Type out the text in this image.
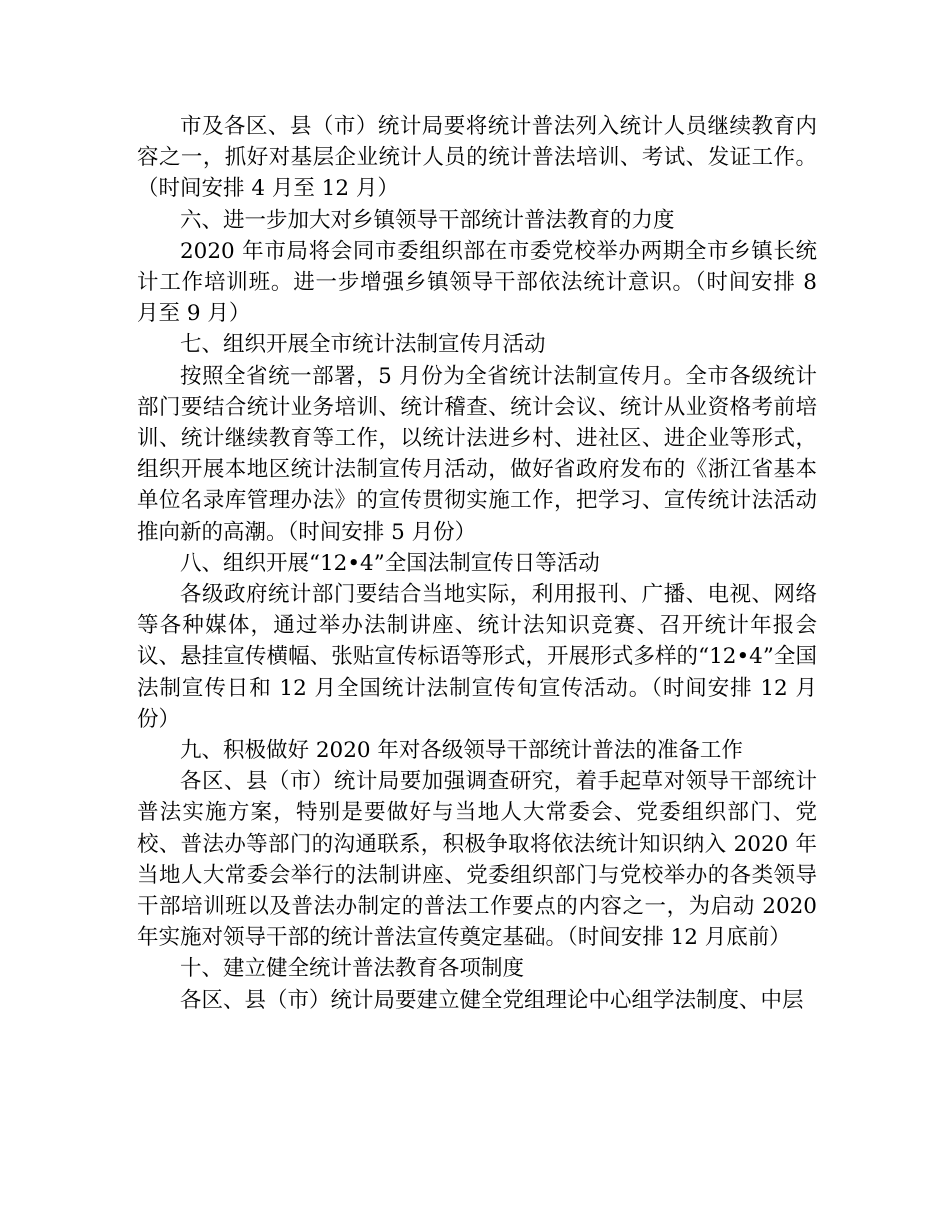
市及各区、县（市）统计局要将统计普法列入统计人员继续教育内容之一，抓好对基层企业统计人员的统计普法培训、考试、发证工作。（时间安排 4 月至 12 月）

六、进一步加大对乡镇领导干部统计普法教育的力度

2020 年市局将会同市委组织部在市委党校举办两期全市乡镇长统计工作培训班。进一步增强乡镇领导干部依法统计意识。（时间安排 8 月至 9 月）

七、组织开展全市统计法制宣传月活动

按照全省统一部署，5 月份为全省统计法制宣传月。全市各级统计部门要结合统计业务培训、统计稽查、统计会议、统计从业资格考前培训、统计继续教育等工作，以统计法进乡村、进社区、进企业等形式，组织开展本地区统计法制宣传月活动，做好省政府发布的《浙江省基本单位名录库管理办法》的宣传贯彻实施工作，把学习、宣传统计法活动推向新的高潮。（时间安排 5 月份）

八、组织开展“12•4”全国法制宣传日等活动

各级政府统计部门要结合当地实际，利用报刊、广播、电视、网络等各种媒体，通过举办法制讲座、统计法知识竞赛、召开统计年报会议、悬挂宣传横幅、张贴宣传标语等形式，开展形式多样的“12•4”全国法制宣传日和 12 月全国统计法制宣传旬宣传活动。（时间安排 12 月份）

九、积极做好 2020 年对各级领导干部统计普法的准备工作

各区、县（市）统计局要加强调查研究，着手起草对领导干部统计普法实施方案，特别是要做好与当地人大常委会、党委组织部门、党校、普法办等部门的沟通联系，积极争取将依法统计知识纳入 2020 年当地人大常委会举行的法制讲座、党委组织部门与党校举办的各类领导干部培训班以及普法办制定的普法工作要点的内容之一，为启动 2020 年实施对领导干部的统计普法宣传奠定基础。（时间安排 12 月底前）

十、建立健全统计普法教育各项制度

各区、县（市）统计局要建立健全党组理论中心组学法制度、中层
